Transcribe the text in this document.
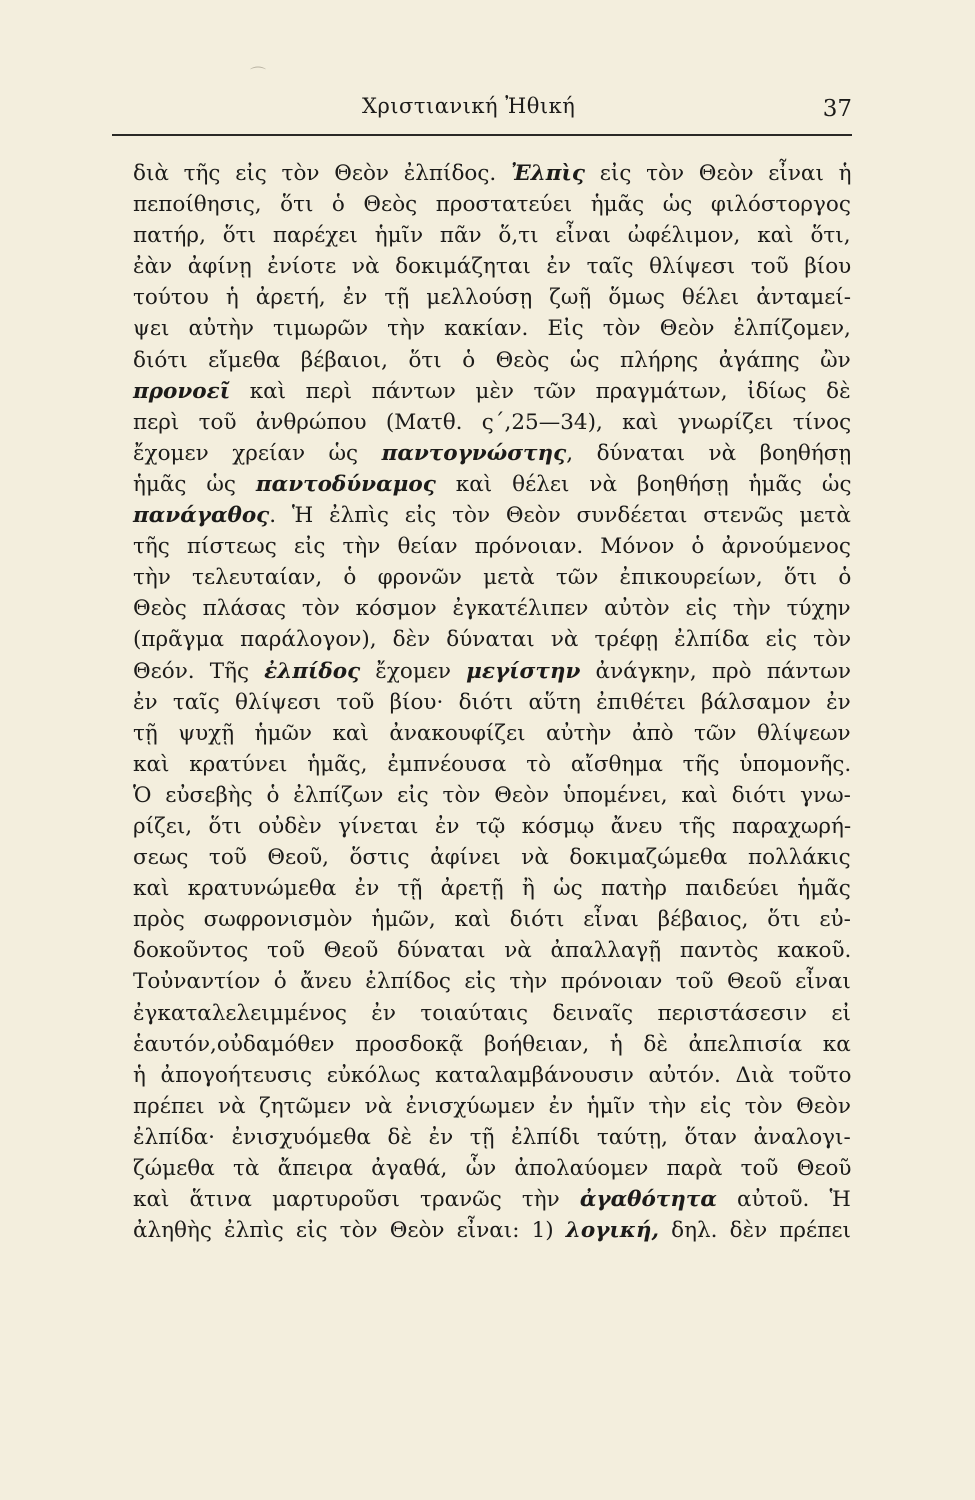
⌒
Χριστιανική Ἠθική	37
διὰ τῆς εἰς τὸν Θεὸν ἐλπίδος. Ἐλπὶς εἰς τὸν Θεὸν εἶναι ἡ
πεποίθησις, ὅτι ὁ Θεὸς προστατεύει ἡμᾶς ὡς φιλόστοργος
πατήρ, ὅτι παρέχει ἡμῖν πᾶν ὅ,τι εἶναι ὠφέλιμον, καὶ ὅτι,
ἐὰν ἀφίνῃ ἐνίοτε νὰ δοκιμάζηται ἐν ταῖς θλίψεσι τοῦ βίου
τούτου ἡ ἀρετή, ἐν τῇ μελλούσῃ ζωῇ ὅμως θέλει ἀνταμεί-
ψει αὐτὴν τιμωρῶν τὴν κακίαν. Εἰς τὸν Θεὸν ἐλπίζομεν,
διότι εἴμεθα βέβαιοι, ὅτι ὁ Θεὸς ὡς πλήρης ἀγάπης ὢν
προνοεῖ καὶ περὶ πάντων μὲν τῶν πραγμάτων, ἰδίως δὲ
περὶ τοῦ ἀνθρώπου (Ματθ. ς΄,25—34), καὶ γνωρίζει τίνος
ἔχομεν χρείαν ὡς παντογνώστης, δύναται νὰ βοηθήσῃ
ἡμᾶς ὡς παντοδύναμος καὶ θέλει νὰ βοηθήσῃ ἡμᾶς ὡς
πανάγαθος. Ἡ ἐλπὶς εἰς τὸν Θεὸν συνδέεται στενῶς μετὰ
τῆς πίστεως εἰς τὴν θείαν πρόνοιαν. Μόνον ὁ ἀρνούμενος
τὴν τελευταίαν, ὁ φρονῶν μετὰ τῶν ἐπικουρείων, ὅτι ὁ
Θεὸς πλάσας τὸν κόσμον ἐγκατέλιπεν αὐτὸν εἰς τὴν τύχην
(πρᾶγμα παράλογον), δὲν δύναται νὰ τρέφῃ ἐλπίδα εἰς τὸν
Θεόν. Τῆς ἐλπίδος ἔχομεν μεγίστην ἀνάγκην, πρὸ πάντων
ἐν ταῖς θλίψεσι τοῦ βίου· διότι αὕτη ἐπιθέτει βάλσαμον ἐν
τῇ ψυχῇ ἡμῶν καὶ ἀνακουφίζει αὐτὴν ἀπὸ τῶν θλίψεων
καὶ κρατύνει ἡμᾶς, ἐμπνέουσα τὸ αἴσθημα τῆς ὑπομονῆς.
Ὁ εὐσεβὴς ὁ ἐλπίζων εἰς τὸν Θεὸν ὑπομένει, καὶ διότι γνω-
ρίζει, ὅτι οὐδὲν γίνεται ἐν τῷ κόσμῳ ἄνευ τῆς παραχωρή-
σεως τοῦ Θεοῦ, ὅστις ἀφίνει νὰ δοκιμαζώμεθα πολλάκις
καὶ κρατυνώμεθα ἐν τῇ ἀρετῇ ἢ ὡς πατὴρ παιδεύει ἡμᾶς
πρὸς σωφρονισμὸν ἡμῶν, καὶ διότι εἶναι βέβαιος, ὅτι εὐ-
δοκοῦντος τοῦ Θεοῦ δύναται νὰ ἀπαλλαγῇ παντὸς κακοῦ.
Τοὐναντίον ὁ ἄνευ ἐλπίδος εἰς τὴν πρόνοιαν τοῦ Θεοῦ εἶναι
ἐγκαταλελειμμένος ἐν τοιαύταις δειναῖς περιστάσεσιν εἰ
ἑαυτόν,οὐδαμόθεν προσδοκᾷ βοήθειαν, ἡ δὲ ἀπελπισία κα
ἡ ἀπογοήτευσις εὐκόλως καταλαμβάνουσιν αὐτόν. Διὰ τοῦτο
πρέπει νὰ ζητῶμεν νὰ ἐνισχύωμεν ἐν ἡμῖν τὴν εἰς τὸν Θεὸν
ἐλπίδα· ἐνισχυόμεθα δὲ ἐν τῇ ἐλπίδι ταύτῃ, ὅταν ἀναλογι-
ζώμεθα τὰ ἄπειρα ἀγαθά, ὧν ἀπολαύομεν παρὰ τοῦ Θεοῦ
καὶ ἅτινα μαρτυροῦσι τρανῶς τὴν ἀγαθότητα αὐτοῦ. Ἡ
ἀληθὴς ἐλπὶς εἰς τὸν Θεὸν εἶναι: 1) λογική, δηλ. δὲν πρέπει
